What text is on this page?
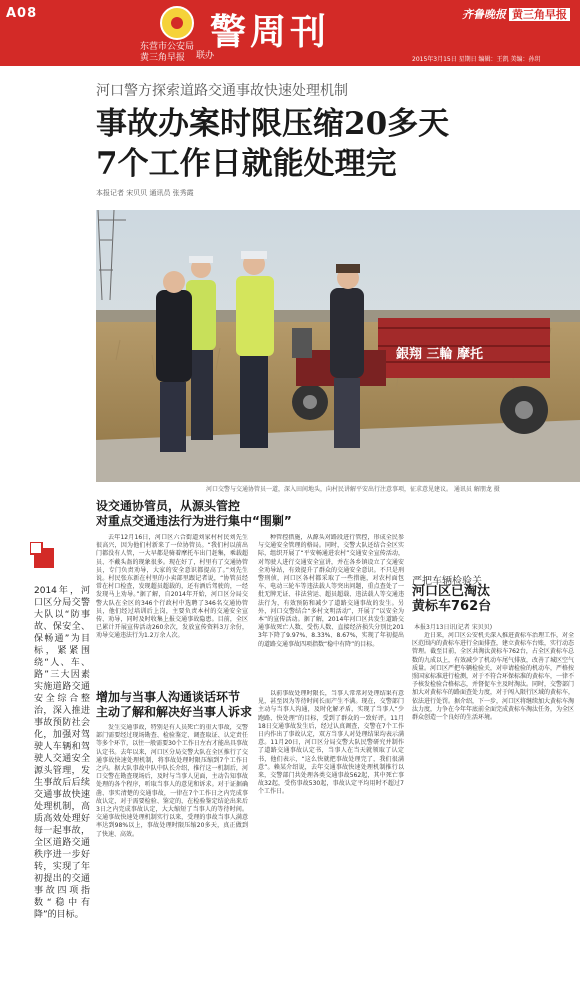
A08
东营市公安局
黄三角早报 联办
警周刊	齐鲁晚报 黄三角早报
2015年3月15日 星期日 编辑：王凯 美编：孙玥
河口警方探索道路交通事故快速处理机制
事故办案时限压缩20多天
7个工作日就能处理完
本报记者 宋贝贝 通讯员 张秀霞
銀翔 三輪 摩托
河口交警与交通协管员一道，深入田间地头，向村民讲解平安出行注意事项，征求意见建议。 通讯员 解朋龙 摄
2014年，河口区分局交警大队以“防事故、保安全、保畅通”为目标，紧紧围绕“人、车、路”三大因素实施道路交通安全综合整治，深入推进事故预防社会化，加强对驾驶人车辆和驾驶人交通安全源头管理，发生事故后后续交通事故快速处理机制，高质高效处理好每一起事故，全区道路交通秩序进一步好转，实现了年初提出的交通事故四项指数“稳中有降”的目标。
设交通协管员，从源头管控
对重点交通违法行为进行集中“围剿”

去年12月16日，河口区六合街道刘家村村民刘先生很高兴，因为他们村新来了一位协管员。“我们村以前出门都没有人管，一大早都是骑着摩托车出门赶集，乘载超员、不戴头盔的现象很多。现在好了，村里有了交通协管员，专门负责劝导，大家的安全意识都提高了。”刘先生说。村民张东新在村里的小卖部里跟记者说，“协管员经常在村口检查，发现超员超载的，还有酒后驾驶的，一经发现马上劝导。”据了解，自2014年开始，河口区分局交警大队在全区的346个行政村中选聘了346名交通协管员，他们经过培训后上岗，主要负责本村的交通安全宣传、劝导，同时及时收集上报交通事故隐患。目前，全区已累计开展宣传活动260余次，发放宣传资料3万余份，劝导交通违法行为1.2万余人次。

种管控措施，从源头对路段进行管控，形成全民参与交通安全管理的格局。同时，交警大队还结合全区实际，组织开展了“平安畅通进农村”交通安全宣传活动，对驾驶人进行交通安全宣讲，并在各乡镇设立了交通安全劝导站，有效提升了群众的交通安全意识。不只是刑警刑侦，河口区各村都采取了一些措施，对农村面包车、电动三轮车等违法载人等突出问题，重点查处了一批无牌无证、非法营运、超员超载、违法载人等交通违法行为，有效预防和减少了道路交通事故的发生。另外，河口交警结合“多村文明活动”，开展了“以安全为本”的宣传活动。据了解，2014年河口区共发生道路交通事故死亡人数、受伤人数、直接经济损失分别比2013年下降了9.97%、8.33%、8.67%，实现了年初提出的道路交通事故四项指数“稳中有降”的目标。

增加与当事人沟通谈话环节
主动了解和解决好当事人诉求

发生交通事故，特别是有人员死亡的重大事故，交警部门需要经过现场勘查、检验鉴定、调查取证、认定责任等多个环节，以往一般需要30个工作日左右才能出具事故认定书。去年以来，河口区分局交警大队在全区推行了交通事故快速处理机制，将事故处理时限压缩到7个工作日之内。据大队事故中队中队长介绍，推行这一机制后，河口交警在勘查现场后，及时与当事人见面，主动告知事故处理的各个程序，听取当事人的意见和诉求。对于证据确凿、事实清楚的交通事故，一律在7个工作日之内完成事故认定，对于需要检验、鉴定的，在检验鉴定结论出来后3日之内完成事故认定，大大缩短了当事人的等待时间。交通事故快速处理机制实行以来，受理的事故当事人满意率达到98%以上，事故处理时限压缩20多天，真正做到了快速、高效。

以前事故处理时限长，当事人常常对处理结果有意见，甚至因为等待时间长而产生不满。现在，交警部门主动与当事人沟通，及时化解矛盾，实现了当事人“少跑路、快处理”的目标，受到了群众的一致好评。11月18日交通事故发生后，经过认真调查，交警在7个工作日内作出了事故认定，双方当事人对处理结果均表示满意。11月20日，河口区分局交警大队民警研究并制作了道路交通事故认定书，当事人在当天就领取了认定书，他们表示，“这么快就把事故处理完了，我们很满意”。赖某介绍说，去年交通事故快速处理机制推行以来，交警部门共处理各类交通事故562起，其中死亡事故32起，受伤事故530起，事故认定平均用时不超过7个工作日。

严把车辆检验关
河口区已淘汰
黄标车762台
本报3月13日讯(记者 宋贝贝)

近日来，河口区公安机关深入推进黄标车治理工作，对全区范围内的黄标车进行全面排查，建立黄标车台账，实行动态管理。截至目前，全区共淘汰黄标车762台，占全区黄标车总数的九成以上，有效减少了机动车尾气排放，改善了城区空气质量。河口区严把车辆检验关，对申请检验的机动车，严格按照国家标准进行检测，对于不符合环保标准的黄标车，一律不予核发检验合格标志，并督促车主及时淘汰。同时，交警部门加大对黄标车的路面查处力度，对于闯入限行区域的黄标车，依法进行处罚。据介绍，下一步，河口区将继续加大黄标车淘汰力度，力争在今年年底前全面完成黄标车淘汰任务，为全区群众创造一个良好的生活环境。
